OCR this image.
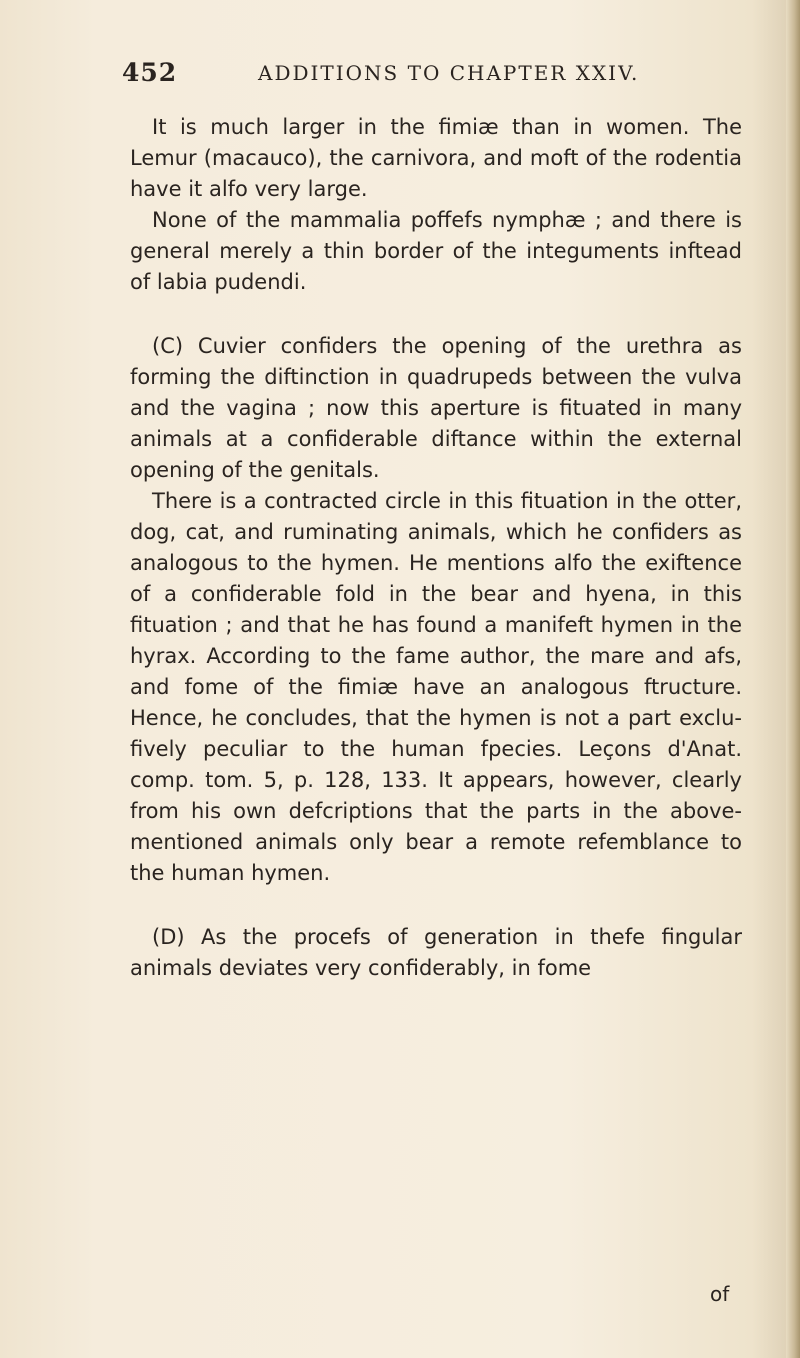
452	ADDITIONS TO CHAPTER XXIV.

It is much larger in the fimiæ than in women. The Lemur (macauco), the carnivora, and moft of the rodentia have it alfo very large.

None of the mammalia poffefs nymphæ ; and there is general merely a thin border of the integuments inftead of labia pudendi.

(C) Cuvier confiders the opening of the urethra as forming the diftinction in quadrupeds between the vulva and the vagina ; now this aperture is fituated in many animals at a confiderable diftance within the external opening of the genitals.

There is a contracted circle in this fituation in the otter, dog, cat, and ruminating animals, which he confiders as analogous to the hymen. He mentions alfo the exiftence of a confiderable fold in the bear and hyena, in this fituation ; and that he has found a manifeft hymen in the hyrax. According to the fame author, the mare and afs, and fome of the fimiæ have an analogous ftructure. Hence, he concludes, that the hymen is not a part exclufively peculiar to the human fpecies. Leçons d'Anat. comp. tom. 5, p. 128, 133. It appears, however, clearly from his own defcriptions that the parts in the above-mentioned animals only bear a remote refemblance to the human hymen.

(D) As the procefs of generation in thefe fingular animals deviates very confiderably, in fome

of
